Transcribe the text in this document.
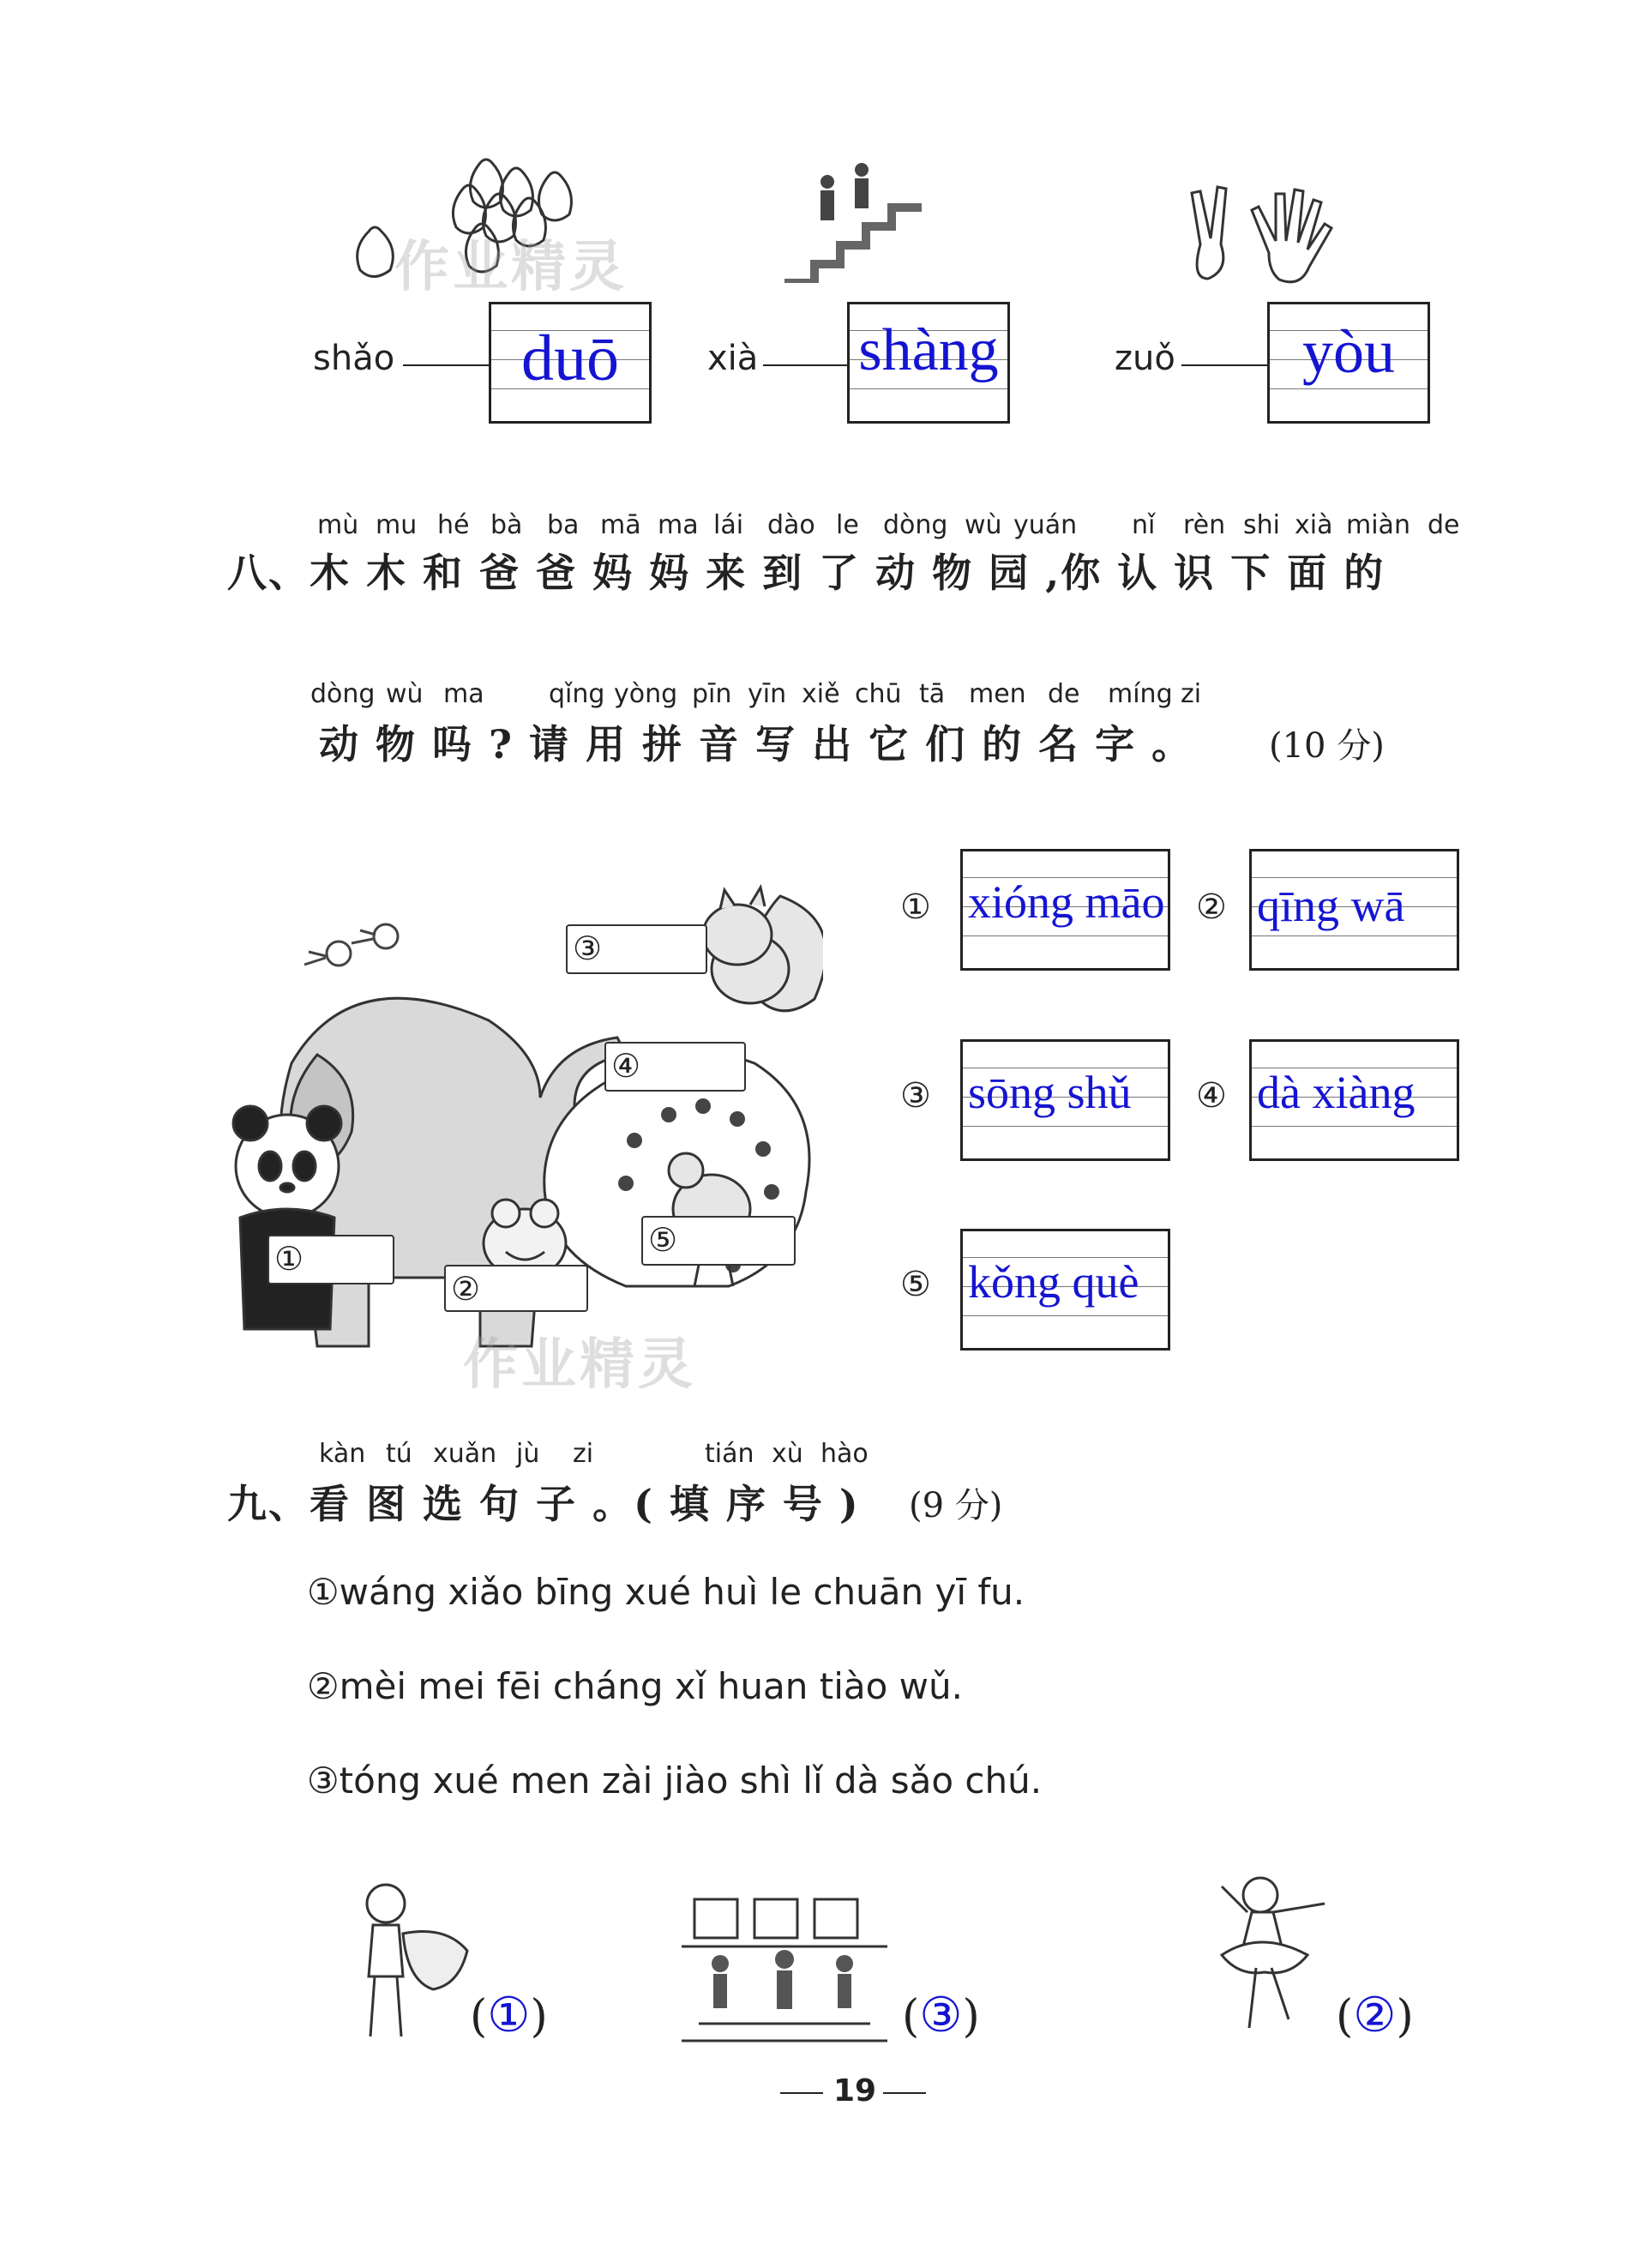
作业精灵
shǎo	duō	xià shàng	zuǒ	yòu
mù mu hé bà ba mā ma lái dào le dòng wù yuán nǐ rèn shi xià miàn de
八、木 木 和 爸 爸 妈 妈 来 到 了 动 物 园 ,你 认 识 下 面 的
dòng wù ma	qǐng yòng pīn yīn xiě chū tā men de míng zi
动 物 吗 ? 请 用 拼 音 写 出 它 们 的 名 字 。 (10 分)
③
④
⑤
①
②
作业精灵
① xióng māo ② qīng wā
③ sōng shǔ	④ dà xiàng
⑤ kǒng què
kàn tú xuǎn jù zi	tián xù hào
九、看 图 选 句 子 。( 填 序 号 ) (9 分)
①wáng xiǎo bīng xué huì le chuān yī fu.
②mèi mei fēi cháng xǐ huan tiào wǔ.
③tóng xué men zài jiào shì lǐ dà sǎo chú.
(①)	(③)	(②)
19
